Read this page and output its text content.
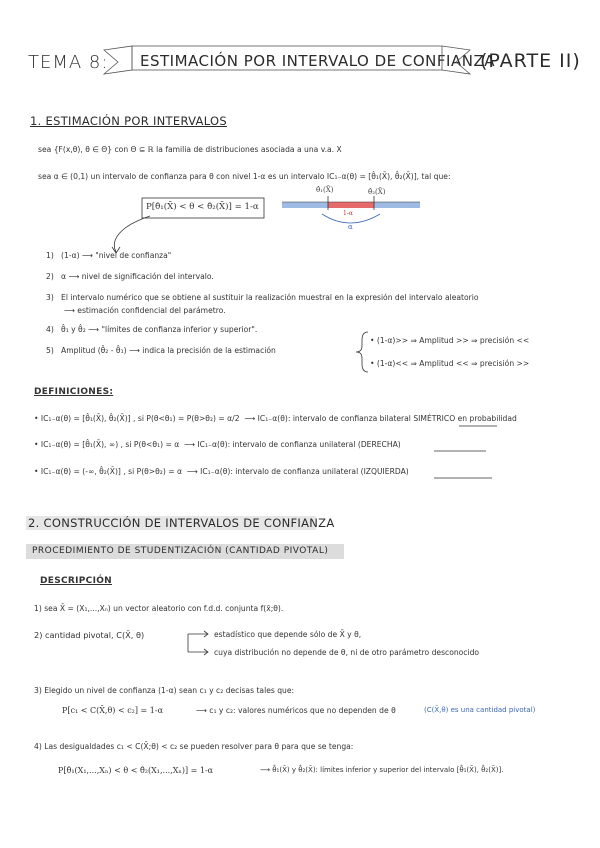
TEMA 8: ESTIMACIÓN POR INTERVALO DE CONFIANZA
(PARTE II)
1. ESTIMACIÓN POR INTERVALOS
sea {F(x,θ), θ ∈ Θ} con Θ ⊆ ℝ la familia de distribuciones asociada a una v.a. X
sea α ∈ (0,1) un intervalo de confianza para θ con nivel 1-α es un intervalo IC₁₋α(θ) = [θ̂₁(X̄), θ̂₂(X̄)], tal que:
P[θ̂₁(X̄) < θ < θ̂₂(X̄)] = 1-α
θ̂₁(X̄)	θ̂₂(X̄)
1-α
α
1) (1-α) ⟶ "nivel de confianza"
2) α ⟶ nivel de significación del intervalo.
3) El intervalo numérico que se obtiene al sustituir la realización muestral en la expresión del intervalo aleatorio
⟶ estimación confidencial del parámetro.
4) θ̂₁ y θ̂₂ ⟶ "límites de confianza inferior y superior".
5) Amplitud (θ̂₂ - θ̂₁) ⟶ indica la precisión de la estimación
• (1-α)>> ⇒ Amplitud >> ⇒ precisión <<
• (1-α)<< ⇒ Amplitud << ⇒ precisión >>
DEFINICIONES:
• IC₁₋α(θ) = [θ̂₁(X̄), θ̂₂(X̄)] , si P(θ<θ₁) = P(θ>θ₂) = α/2 ⟶ IC₁₋α(θ): intervalo de confianza bilateral SIMÉTRICO en probabilidad
• IC₁₋α(θ) = [θ̂₁(X̄), ∞) , si P(θ<θ₁) = α ⟶ IC₁₋α(θ): intervalo de confianza unilateral (DERECHA)
• IC₁₋α(θ) = (-∞, θ̂₂(X̄)] , si P(θ>θ₂) = α ⟶ IC₁₋α(θ): intervalo de confianza unilateral (IZQUIERDA)
2. CONSTRUCCIÓN DE INTERVALOS DE CONFIANZA
PROCEDIMIENTO DE STUDENTIZACIÓN (CANTIDAD PIVOTAL)
DESCRIPCIÓN
1) sea X̄ = (X₁,...,Xₙ) un vector aleatorio con f.d.d. conjunta f(x̄;θ).
2) cantidad pivotal, C(X̄, θ)	estadístico que depende sólo de X̄ y θ,
cuya distribución no depende de θ, ni de otro parámetro desconocido
3) Elegido un nivel de confianza (1-α) sean c₁ y c₂ decisas tales que:
P[c₁ < C(X̄,θ) < c₂] = 1-α	⟶ c₁ y c₂: valores numéricos que no dependen de θ	(C(X̄,θ) es una cantidad pivotal)
4) Las desigualdades c₁ < C(X̄;θ) < c₂ se pueden resolver para θ para que se tenga:
P[θ̂₁(X₁,...,Xₙ) < θ < θ̂₂(X₁,...,Xₙ)] = 1-α	⟶ θ̂₁(X̄) y θ̂₂(X̄): límites inferior y superior del intervalo [θ̂₁(X̄), θ̂₂(X̄)].
